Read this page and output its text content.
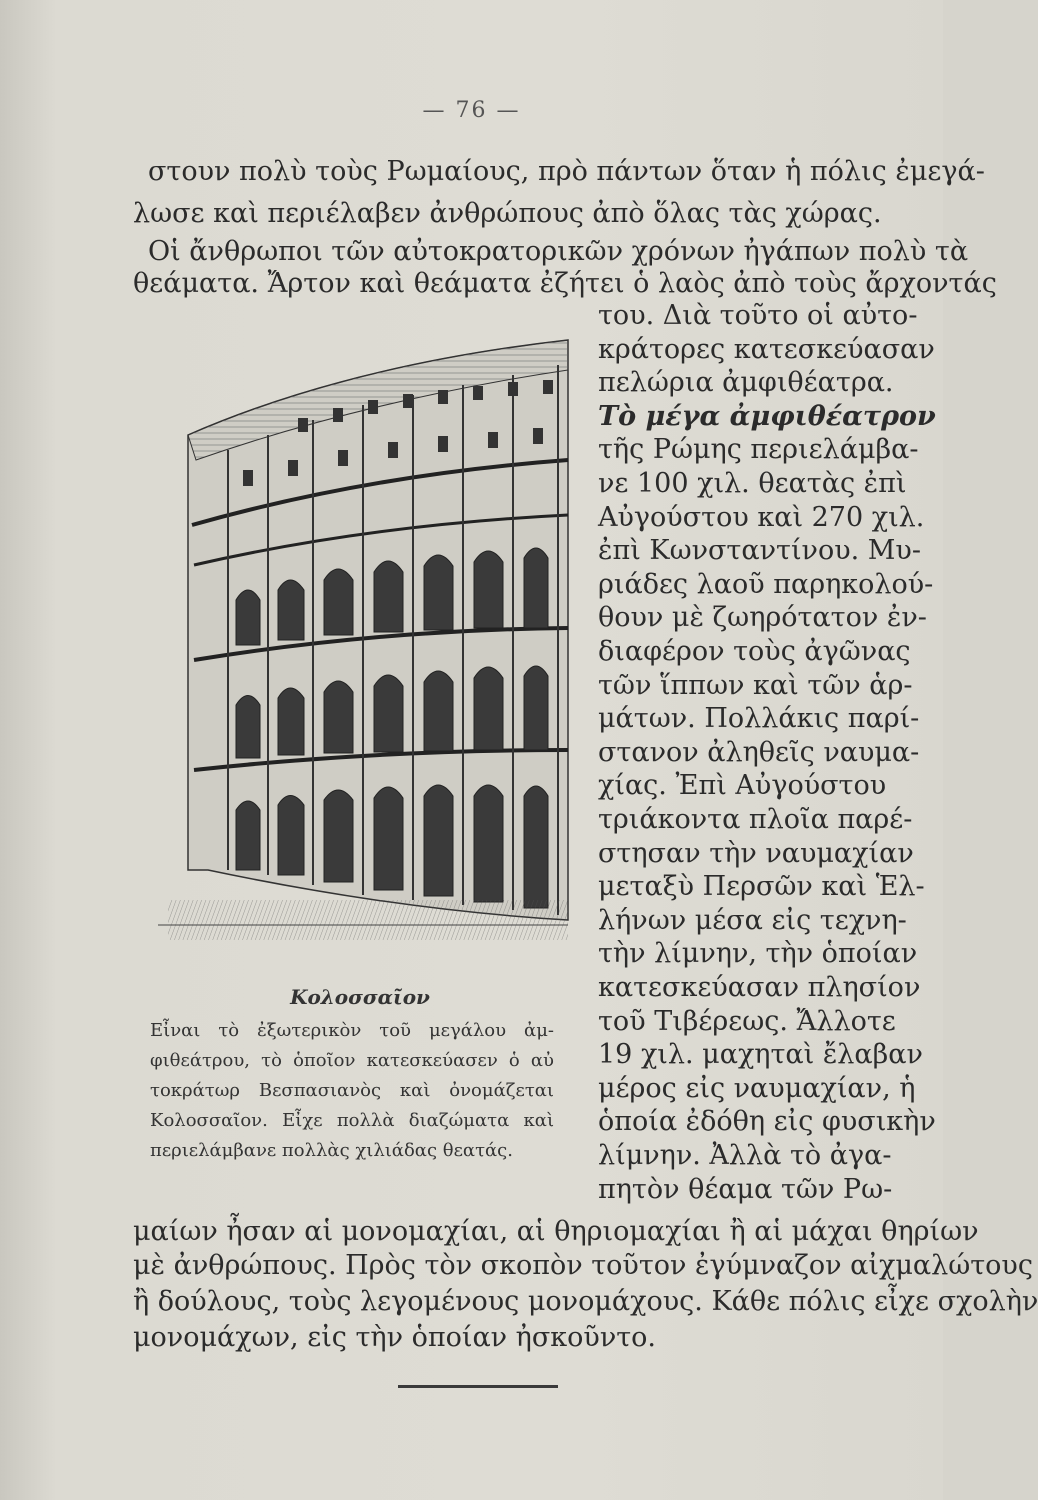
— 76 —
στουν πολὺ τοὺς Ρωμαίους, πρὸ πάντων ὅταν ἡ πόλις ἐμεγά-
λωσε καὶ περιέλαβεν ἀνθρώπους ἀπὸ ὅλας τὰς χώρας.
Οἱ ἄνθρωποι τῶν αὐτοκρατορικῶν χρόνων ἠγάπων πολὺ τὰ
θεάματα. Ἄρτον καὶ θεάματα ἐζήτει ὁ λαὸς ἀπὸ τοὺς ἄρχοντάς
του. Διὰ τοῦτο οἱ αὐτο-
κράτορες κατεσκεύασαν
πελώρια ἀμφιθέατρα.
Τὸ μέγα ἀμφιθέατρον
τῆς Ρώμης περιελάμβα-
νε 100 χιλ. θεατὰς ἐπὶ
Αὐγούστου καὶ 270 χιλ.
ἐπὶ Κωνσταντίνου. Μυ-
ριάδες λαοῦ παρηκολού-
θουν μὲ ζωηρότατον ἐν-
διαφέρον τοὺς ἀγῶνας
τῶν ἵππων καὶ τῶν ἁρ-
μάτων. Πολλάκις παρί-
στανον ἀληθεῖς ναυμα-
χίας. Ἐπὶ Αὐγούστου
τριάκοντα πλοῖα παρέ-
στησαν τὴν ναυμαχίαν
μεταξὺ Περσῶν καὶ Ἑλ-
λήνων μέσα εἰς τεχνη-
τὴν λίμνην, τὴν ὁποίαν
κατεσκεύασαν πλησίον
τοῦ Τιβέρεως. Ἄλλοτε
19 χιλ. μαχηταὶ ἔλαβαν
μέρος εἰς ναυμαχίαν, ἡ
ὁποία ἐδόθη εἰς φυσικὴν
λίμνην. Ἀλλὰ τὸ ἀγα-
πητὸν θέαμα τῶν Ρω-
Κολοσσαῖον
Εἶναι τὸ ἐξωτερικὸν τοῦ μεγάλου ἀμ-
φιθεάτρου, τὸ ὁποῖον κατεσκεύασεν ὁ αὐ
τοκράτωρ Βεσπασιανὸς καὶ ὀνομάζεται
Κολοσσαῖον. Εἶχε πολλὰ διαζώματα καὶ
περιελάμβανε πολλὰς χιλιάδας θεατάς.
μαίων ἦσαν αἱ μονομαχίαι, αἱ θηριομαχίαι ἢ αἱ μάχαι θηρίων
μὲ ἀνθρώπους. Πρὸς τὸν σκοπὸν τοῦτον ἐγύμναζον αἰχμαλώτους
ἢ δούλους, τοὺς λεγομένους μονομάχους. Κάθε πόλις εἶχε σχολὴν
μονομάχων, εἰς τὴν ὁποίαν ἠσκοῦντο.
